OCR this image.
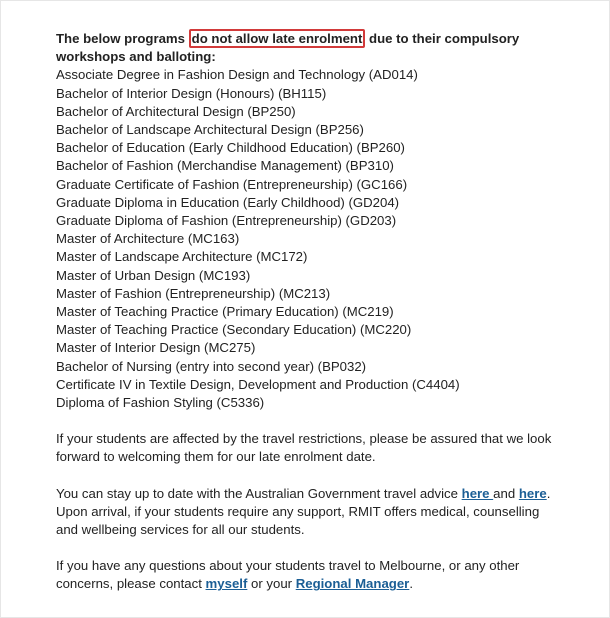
The below programs do not allow late enrolment due to their compulsory workshops and balloting:

Associate Degree in Fashion Design and Technology (AD014)
Bachelor of Interior Design (Honours) (BH115)
Bachelor of Architectural Design (BP250)
Bachelor of Landscape Architectural Design (BP256)
Bachelor of Education (Early Childhood Education) (BP260)
Bachelor of Fashion (Merchandise Management) (BP310)
Graduate Certificate of Fashion (Entrepreneurship) (GC166)
Graduate Diploma in Education (Early Childhood) (GD204)
Graduate Diploma of Fashion (Entrepreneurship) (GD203)
Master of Architecture (MC163)
Master of Landscape Architecture (MC172)
Master of Urban Design (MC193)
Master of Fashion (Entrepreneurship) (MC213)
Master of Teaching Practice (Primary Education) (MC219)
Master of Teaching Practice (Secondary Education) (MC220)
Master of Interior Design (MC275)
Bachelor of Nursing (entry into second year) (BP032)
Certificate IV in Textile Design, Development and Production (C4404)
Diploma of Fashion Styling (C5336)

If your students are affected by the travel restrictions, please be assured that we look forward to welcoming them for our late enrolment date.

You can stay up to date with the Australian Government travel advice here and here. Upon arrival, if your students require any support, RMIT offers medical, counselling and wellbeing services for all our students.

If you have any questions about your students travel to Melbourne, or any other concerns, please contact myself or your Regional Manager.
